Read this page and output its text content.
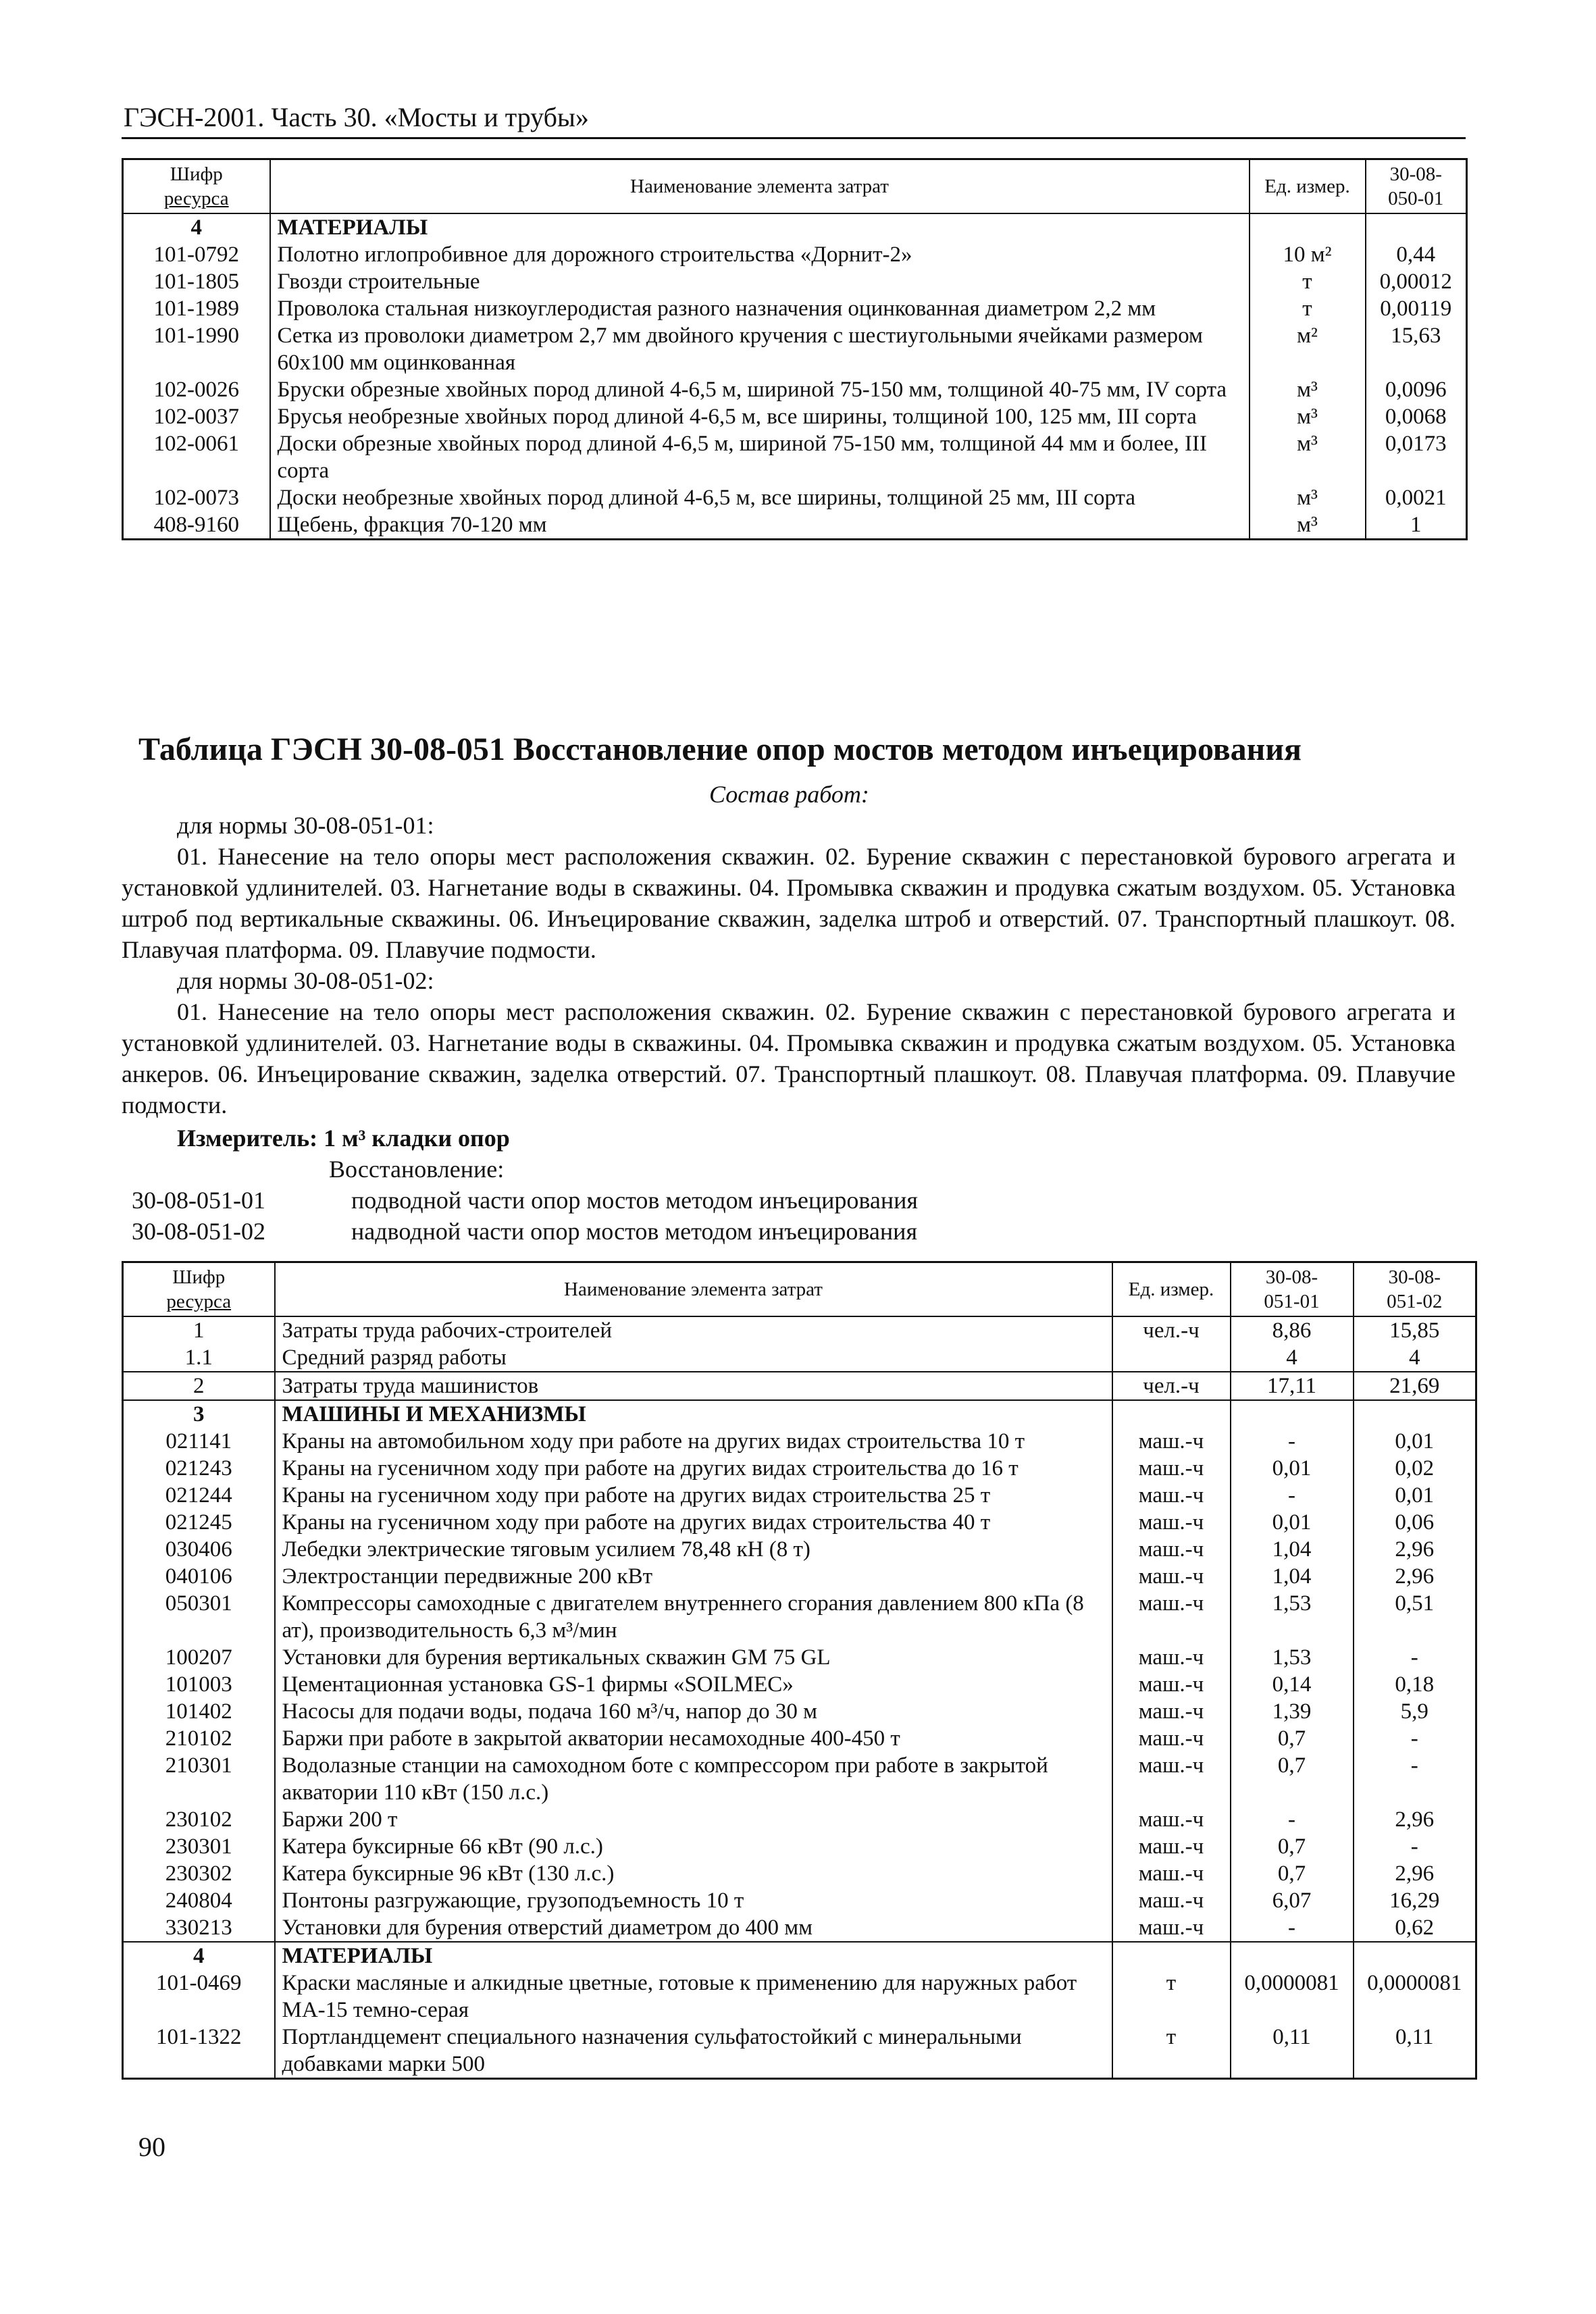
ГЭСН-2001. Часть 30. «Мосты и трубы»
Шифр
ресурса	Наименование элемента затрат	Ед. измер.	30-08-
050-01
4	МАТЕРИАЛЫ		
101-0792	Полотно иглопробивное для дорожного строительства «Дорнит-2»	10 м²	0,44
101-1805	Гвозди строительные	т	0,00012
101-1989	Проволока стальная низкоуглеродистая разного назначения оцинкованная диаметром 2,2 мм	т	0,00119
101-1990	Сетка из проволоки диаметром 2,7 мм двойного кручения с шестиугольными ячейками размером 60х100 мм оцинкованная	м²	15,63
102-0026	Бруски обрезные хвойных пород длиной 4-6,5 м, шириной 75-150 мм, толщиной 40-75 мм, IV сорта	м³	0,0096
102-0037	Брусья необрезные хвойных пород длиной 4-6,5 м, все ширины, толщиной 100, 125 мм, III сорта	м³	0,0068
102-0061	Доски обрезные хвойных пород длиной 4-6,5 м, шириной 75-150 мм, толщиной 44 мм и более, III сорта	м³	0,0173
102-0073	Доски необрезные хвойных пород длиной 4-6,5 м, все ширины, толщиной 25 мм, III сорта	м³	0,0021
408-9160	Щебень, фракция 70-120 мм	м³	1
Таблица ГЭСН 30-08-051 Восстановление опор мостов методом инъецирования
Состав работ:
для нормы 30-08-051-01:

01. Нанесение на тело опоры мест расположения скважин. 02. Бурение скважин с перестановкой бурового агрегата и установкой удлинителей. 03. Нагнетание воды в скважины. 04. Промывка скважин и продувка сжатым воздухом. 05. Установка штроб под вертикальные скважины. 06. Инъецирование скважин, заделка штроб и отверстий. 07. Транспортный плашкоут. 08. Плавучая платформа. 09. Плавучие подмости.

для нормы 30-08-051-02:

01. Нанесение на тело опоры мест расположения скважин. 02. Бурение скважин с перестановкой бурового агрегата и установкой удлинителей. 03. Нагнетание воды в скважины. 04. Промывка скважин и продувка сжатым воздухом. 05. Установка анкеров. 06. Инъецирование скважин, заделка отверстий. 07. Транспортный плашкоут. 08. Плавучая платформа. 09. Плавучие подмости.

Измеритель: 1 м³ кладки опор
Восстановление:
30-08-051-01	подводной части опор мостов методом инъецирования
30-08-051-02	надводной части опор мостов методом инъецирования
Шифр
ресурса	Наименование элемента затрат	Ед. измер.	30-08-
051-01	30-08-
051-02
1	Затраты труда рабочих-строителей	чел.-ч	8,86	15,85
1.1	Средний разряд работы		4	4
2	Затраты труда машинистов	чел.-ч	17,11	21,69
3	МАШИНЫ И МЕХАНИЗМЫ			
021141	Краны на автомобильном ходу при работе на других видах строительства 10 т	маш.-ч	-	0,01
021243	Краны на гусеничном ходу при работе на других видах строительства до 16 т	маш.-ч	0,01	0,02
021244	Краны на гусеничном ходу при работе на других видах строительства 25 т	маш.-ч	-	0,01
021245	Краны на гусеничном ходу при работе на других видах строительства 40 т	маш.-ч	0,01	0,06
030406	Лебедки электрические тяговым усилием 78,48 кН (8 т)	маш.-ч	1,04	2,96
040106	Электростанции передвижные 200 кВт	маш.-ч	1,04	2,96
050301	Компрессоры самоходные с двигателем внутреннего сгорания давлением 800 кПа (8 ат), производительность 6,3 м³/мин	маш.-ч	1,53	0,51
100207	Установки для бурения вертикальных скважин GM 75 GL	маш.-ч	1,53	-
101003	Цементационная установка GS-1 фирмы «SOILMEC»	маш.-ч	0,14	0,18
101402	Насосы для подачи воды, подача 160 м³/ч, напор до 30 м	маш.-ч	1,39	5,9
210102	Баржи при работе в закрытой акватории несамоходные 400-450 т	маш.-ч	0,7	-
210301	Водолазные станции на самоходном боте с компрессором при работе в закрытой акватории 110 кВт (150 л.с.)	маш.-ч	0,7	-
230102	Баржи 200 т	маш.-ч	-	2,96
230301	Катера буксирные 66 кВт (90 л.с.)	маш.-ч	0,7	-
230302	Катера буксирные 96 кВт (130 л.с.)	маш.-ч	0,7	2,96
240804	Понтоны разгружающие, грузоподъемность 10 т	маш.-ч	6,07	16,29
330213	Установки для бурения отверстий диаметром до 400 мм	маш.-ч	-	0,62
4	МАТЕРИАЛЫ			
101-0469	Краски масляные и алкидные цветные, готовые к применению для наружных работ МА-15 темно-серая	т	0,0000081	0,0000081
101-1322	Портландцемент специального назначения сульфатостойкий с минеральными добавками марки 500	т	0,11	0,11
90
